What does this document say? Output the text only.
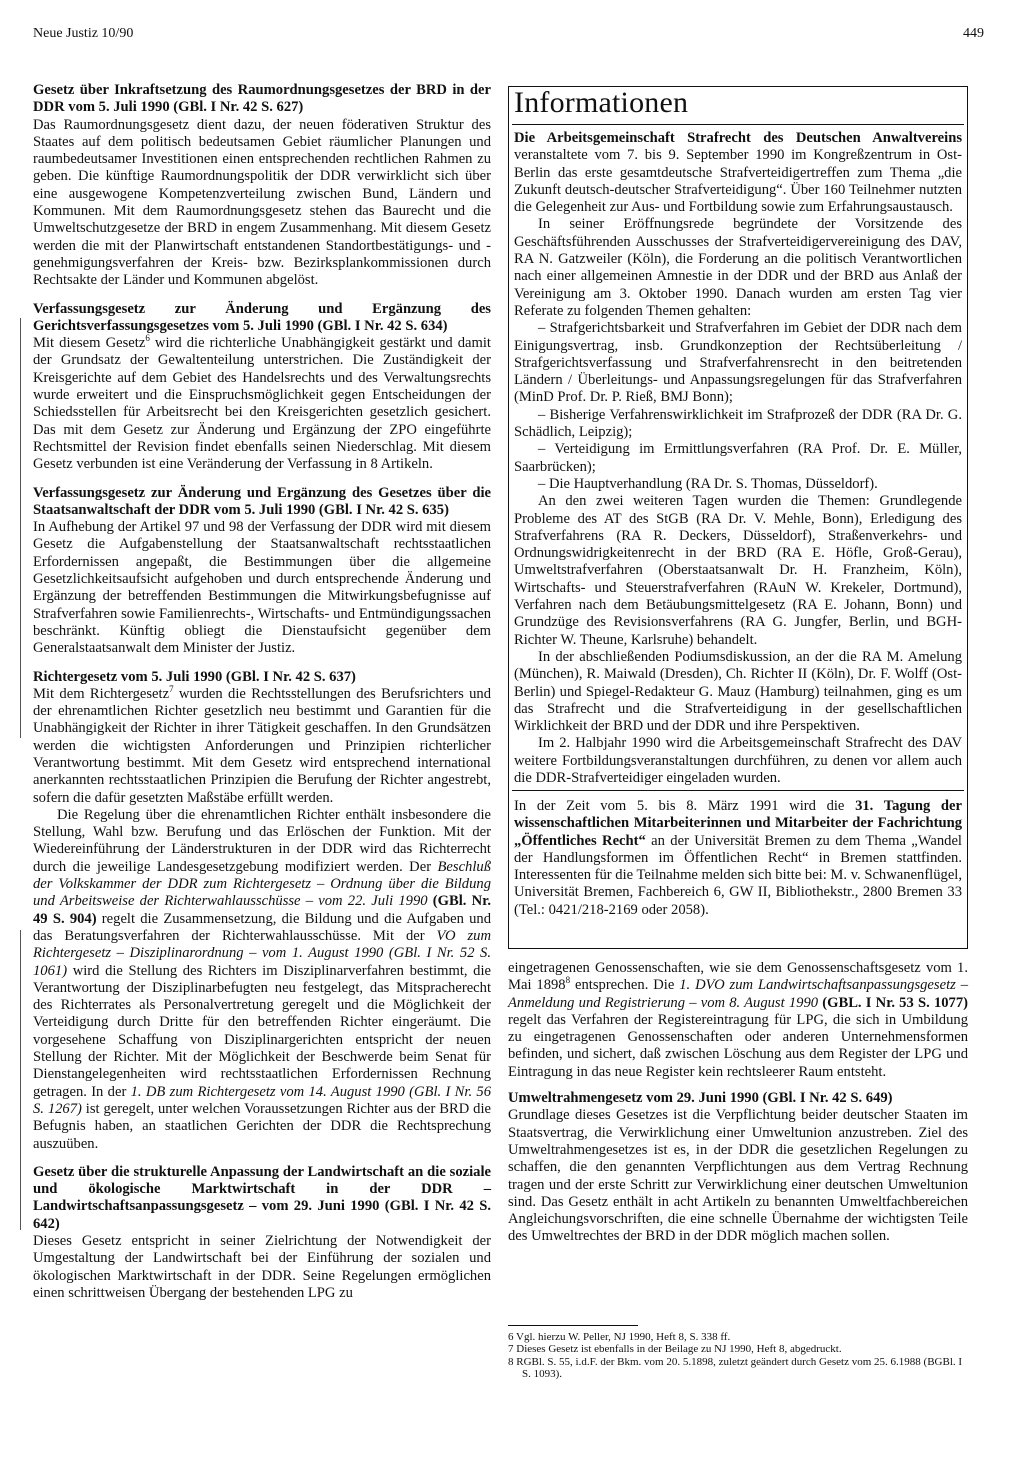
Neue Justiz 10/90	449

Gesetz über Inkraftsetzung des Raumordnungsgesetzes der BRD in der DDR vom 5. Juli 1990 (GBl. I Nr. 42 S. 627)

Das Raumordnungsgesetz dient dazu, der neuen föderativen Struktur des Staates auf dem politisch bedeutsamen Gebiet räumlicher Planungen und raumbedeutsamer Investitionen einen entsprechenden rechtlichen Rahmen zu geben. Die künftige Raumordnungspolitik der DDR verwirklicht sich über eine ausgewogene Kompetenzverteilung zwischen Bund, Ländern und Kommunen. Mit dem Raumordnungsgesetz stehen das Baurecht und die Umweltschutzgesetze der BRD in engem Zusammenhang. Mit diesem Gesetz werden die mit der Planwirtschaft entstandenen Standortbestätigungs- und -genehmigungsverfahren der Kreis- bzw. Bezirksplankommissionen durch Rechtsakte der Länder und Kommunen abgelöst.

Verfassungsgesetz zur Änderung und Ergänzung des Gerichtsverfassungsgesetzes vom 5. Juli 1990 (GBl. I Nr. 42 S. 634)

Mit diesem Gesetz$^6$ wird die richterliche Unabhängigkeit gestärkt und damit der Grundsatz der Gewaltenteilung unterstrichen. Die Zuständigkeit der Kreisgerichte auf dem Gebiet des Handelsrechts und des Verwaltungsrechts wurde erweitert und die Einspruchsmöglichkeit gegen Entscheidungen der Schiedsstellen für Arbeitsrecht bei den Kreisgerichten gesetzlich gesichert. Das mit dem Gesetz zur Änderung und Ergänzung der ZPO eingeführte Rechtsmittel der Revision findet ebenfalls seinen Niederschlag. Mit diesem Gesetz verbunden ist eine Veränderung der Verfassung in 8 Artikeln.

Verfassungsgesetz zur Änderung und Ergänzung des Gesetzes über die Staatsanwaltschaft der DDR vom 5. Juli 1990 (GBl. I Nr. 42 S. 635)

In Aufhebung der Artikel 97 und 98 der Verfassung der DDR wird mit diesem Gesetz die Aufgabenstellung der Staatsanwaltschaft rechtsstaatlichen Erfordernissen angepaßt, die Bestimmungen über die allgemeine Gesetzlichkeitsaufsicht aufgehoben und durch entsprechende Änderung und Ergänzung der betreffenden Bestimmungen die Mitwirkungsbefugnisse auf Strafverfahren sowie Familienrechts-, Wirtschafts- und Entmündigungssachen beschränkt. Künftig obliegt die Dienstaufsicht gegenüber dem Generalstaatsanwalt dem Minister der Justiz.

Richtergesetz vom 5. Juli 1990 (GBl. I Nr. 42 S. 637)

Mit dem Richtergesetz$^7$ wurden die Rechtsstellungen des Berufsrichters und der ehrenamtlichen Richter gesetzlich neu bestimmt und Garantien für die Unabhängigkeit der Richter in ihrer Tätigkeit geschaffen. In den Grundsätzen werden die wichtigsten Anforderungen und Prinzipien richterlicher Verantwortung bestimmt. Mit dem Gesetz wird entsprechend international anerkannten rechtsstaatlichen Prinzipien die Berufung der Richter angestrebt, sofern die dafür gesetzten Maßstäbe erfüllt werden.

Die Regelung über die ehrenamtlichen Richter enthält insbesondere die Stellung, Wahl bzw. Berufung und das Erlöschen der Funktion. Mit der Wiedereinführung der Länderstrukturen in der DDR wird das Richterrecht durch die jeweilige Landesgesetzgebung modifiziert werden. Der Beschluß der Volkskammer der DDR zum Richtergesetz – Ordnung über die Bildung und Arbeitsweise der Richterwahlausschüsse – vom 22. Juli 1990 (GBl. Nr. 49 S. 904) regelt die Zusammensetzung, die Bildung und die Aufgaben und das Beratungsverfahren der Richterwahlausschüsse. Mit der VO zum Richtergesetz – Disziplinarordnung – vom 1. August 1990 (GBl. I Nr. 52 S. 1061) wird die Stellung des Richters im Disziplinarverfahren bestimmt, die Verantwortung der Disziplinarbefugten neu festgelegt, das Mitspracherecht des Richterrates als Personalvertretung geregelt und die Möglichkeit der Verteidigung durch Dritte für den betreffenden Richter eingeräumt. Die vorgesehene Schaffung von Disziplinargerichten entspricht der neuen Stellung der Richter. Mit der Möglichkeit der Beschwerde beim Senat für Dienstangelegenheiten wird rechtsstaatlichen Erfordernissen Rechnung getragen. In der 1. DB zum Richtergesetz vom 14. August 1990 (GBl. I Nr. 56 S. 1267) ist geregelt, unter welchen Voraussetzungen Richter aus der BRD die Befugnis haben, an staatlichen Gerichten der DDR die Rechtsprechung auszuüben.

Gesetz über die strukturelle Anpassung der Landwirtschaft an die soziale und ökologische Marktwirtschaft in der DDR – Landwirtschaftsanpassungsgesetz – vom 29. Juni 1990 (GBl. I Nr. 42 S. 642)

Dieses Gesetz entspricht in seiner Zielrichtung der Notwendigkeit der Umgestaltung der Landwirtschaft bei der Einführung der sozialen und ökologischen Marktwirtschaft in der DDR. Seine Regelungen ermöglichen einen schrittweisen Übergang der bestehenden LPG zu

Informationen

Die Arbeitsgemeinschaft Strafrecht des Deutschen Anwaltvereins veranstaltete vom 7. bis 9. September 1990 im Kongreßzentrum in Ost-Berlin das erste gesamtdeutsche Strafverteidigertreffen zum Thema „die Zukunft deutsch-deutscher Strafverteidigung“. Über 160 Teilnehmer nutzten die Gelegenheit zur Aus- und Fortbildung sowie zum Erfahrungsaustausch.

In seiner Eröffnungsrede begründete der Vorsitzende des Geschäftsführenden Ausschusses der Strafverteidigervereinigung des DAV, RA N. Gatzweiler (Köln), die Forderung an die politisch Verantwortlichen nach einer allgemeinen Amnestie in der DDR und der BRD aus Anlaß der Vereinigung am 3. Oktober 1990. Danach wurden am ersten Tag vier Referate zu folgenden Themen gehalten:

– Strafgerichtsbarkeit und Strafverfahren im Gebiet der DDR nach dem Einigungsvertrag, insb. Grundkonzeption der Rechtsüberleitung / Strafgerichtsverfassung und Strafverfahrensrecht in den beitretenden Ländern / Überleitungs- und Anpassungsregelungen für das Strafverfahren (MinD Prof. Dr. P. Rieß, BMJ Bonn);

– Bisherige Verfahrenswirklichkeit im Strafprozeß der DDR (RA Dr. G. Schädlich, Leipzig);

– Verteidigung im Ermittlungsverfahren (RA Prof. Dr. E. Müller, Saarbrücken);

– Die Hauptverhandlung (RA Dr. S. Thomas, Düsseldorf).

An den zwei weiteren Tagen wurden die Themen: Grundlegende Probleme des AT des StGB (RA Dr. V. Mehle, Bonn), Erledigung des Strafverfahrens (RA R. Deckers, Düsseldorf), Straßenverkehrs- und Ordnungswidrigkeitenrecht in der BRD (RA E. Höfle, Groß-Gerau), Umweltstrafverfahren (Oberstaatsanwalt Dr. H. Franzheim, Köln), Wirtschafts- und Steuerstrafverfahren (RAuN W. Krekeler, Dortmund), Verfahren nach dem Betäubungsmittelgesetz (RA E. Johann, Bonn) und Grundzüge des Revisionsverfahrens (RA G. Jungfer, Berlin, und BGH-Richter W. Theune, Karlsruhe) behandelt.

In der abschließenden Podiumsdiskussion, an der die RA M. Amelung (München), R. Maiwald (Dresden), Ch. Richter II (Köln), Dr. F. Wolff (Ost-Berlin) und Spiegel-Redakteur G. Mauz (Hamburg) teilnahmen, ging es um das Strafrecht und die Strafverteidigung in der gesellschaftlichen Wirklichkeit der BRD und der DDR und ihre Perspektiven.

Im 2. Halbjahr 1990 wird die Arbeitsgemeinschaft Strafrecht des DAV weitere Fortbildungsveranstaltungen durchführen, zu denen vor allem auch die DDR-Strafverteidiger eingeladen wurden.

In der Zeit vom 5. bis 8. März 1991 wird die 31. Tagung der wissenschaftlichen Mitarbeiterinnen und Mitarbeiter der Fachrichtung „Öffentliches Recht“ an der Universität Bremen zu dem Thema „Wandel der Handlungsformen im Öffentlichen Recht“ in Bremen stattfinden. Interessenten für die Teilnahme melden sich bitte bei: M. v. Schwanenflügel, Universität Bremen, Fachbereich 6, GW II, Bibliothekstr., 2800 Bremen 33 (Tel.: 0421/218-2169 oder 2058).

eingetragenen Genossenschaften, wie sie dem Genossenschaftsgesetz vom 1. Mai 1898$^8$ entsprechen. Die 1. DVO zum Landwirtschaftsanpassungsgesetz – Anmeldung und Registrierung – vom 8. August 1990 (GBL. I Nr. 53 S. 1077) regelt das Verfahren der Registereintragung für LPG, die sich in Umbildung zu eingetragenen Genossenschaften oder anderen Unternehmensformen befinden, und sichert, daß zwischen Löschung aus dem Register der LPG und Eintragung in das neue Register kein rechtsleerer Raum entsteht.

Umweltrahmengesetz vom 29. Juni 1990 (GBl. I Nr. 42 S. 649)

Grundlage dieses Gesetzes ist die Verpflichtung beider deutscher Staaten im Staatsvertrag, die Verwirklichung einer Umweltunion anzustreben. Ziel des Umweltrahmengesetzes ist es, in der DDR die gesetzlichen Regelungen zu schaffen, die den genannten Verpflichtungen aus dem Vertrag Rechnung tragen und der erste Schritt zur Verwirklichung einer deutschen Umweltunion sind. Das Gesetz enthält in acht Artikeln zu benannten Umweltfachbereichen Angleichungsvorschriften, die eine schnelle Übernahme der wichtigsten Teile des Umweltrechtes der BRD in der DDR möglich machen sollen.

6 Vgl. hierzu W. Peller, NJ 1990, Heft 8, S. 338 ff.

7 Dieses Gesetz ist ebenfalls in der Beilage zu NJ 1990, Heft 8, abgedruckt.

8 RGBl. S. 55, i.d.F. der Bkm. vom 20. 5.1898, zuletzt geändert durch Gesetz vom 25. 6.1988 (BGBl. I S. 1093).
